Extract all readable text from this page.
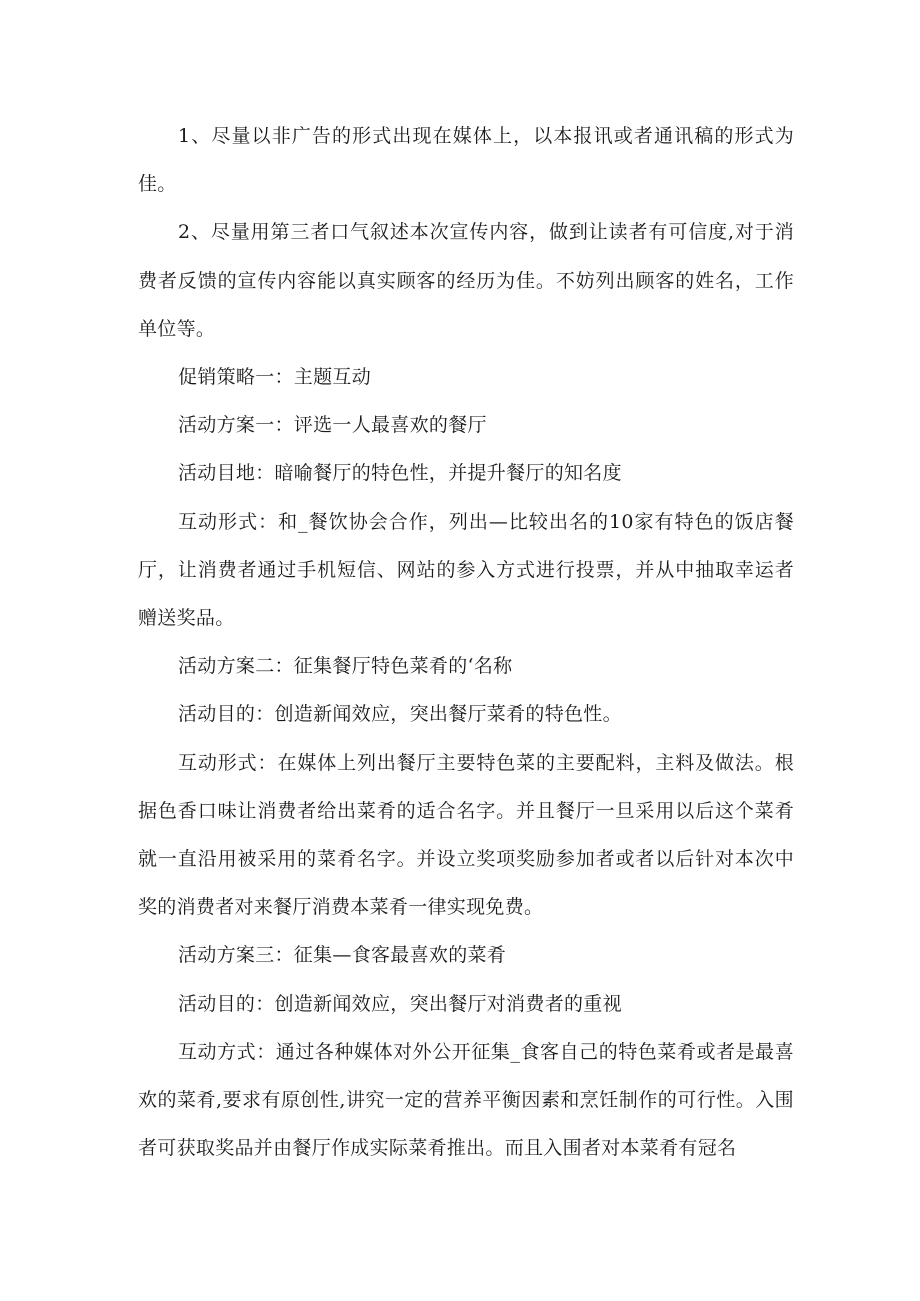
1、尽量以非广告的形式出现在媒体上，以本报讯或者通讯稿的形式为佳。

2、尽量用第三者口气叙述本次宣传内容，做到让读者有可信度,对于消费者反馈的宣传内容能以真实顾客的经历为佳。不妨列出顾客的姓名，工作单位等。

促销策略一：主题互动

活动方案一：评选一人最喜欢的餐厅

活动目地：暗喻餐厅的特色性，并提升餐厅的知名度

互动形式：和_餐饮协会合作，列出—比较出名的10家有特色的饭店餐厅，让消费者通过手机短信、网站的参入方式进行投票，并从中抽取幸运者赠送奖品。

活动方案二：征集餐厅特色菜肴的‘名称

活动目的：创造新闻效应，突出餐厅菜肴的特色性。

互动形式：在媒体上列出餐厅主要特色菜的主要配料，主料及做法。根据色香口味让消费者给出菜肴的适合名字。并且餐厅一旦采用以后这个菜肴就一直沿用被采用的菜肴名字。并设立奖项奖励参加者或者以后针对本次中奖的消费者对来餐厅消费本菜肴一律实现免费。

活动方案三：征集—食客最喜欢的菜肴

活动目的：创造新闻效应，突出餐厅对消费者的重视

互动方式：通过各种媒体对外公开征集_食客自己的特色菜肴或者是最喜欢的菜肴,要求有原创性,讲究一定的营养平衡因素和烹饪制作的可行性。入围者可获取奖品并由餐厅作成实际菜肴推出。而且入围者对本菜肴有冠名
